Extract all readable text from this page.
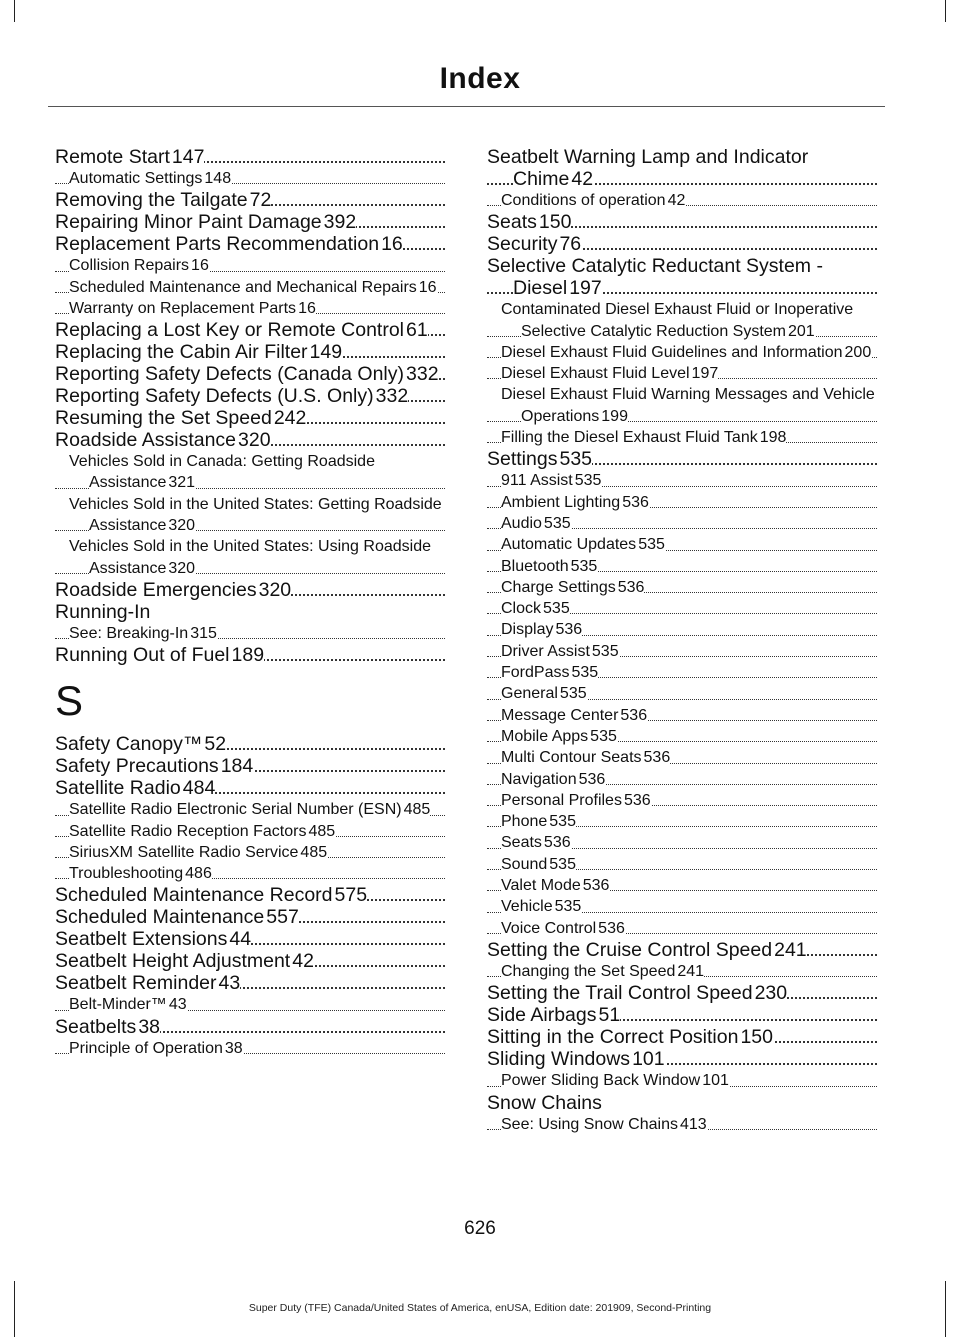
Index
Remote Start 147
Automatic Settings 148
Removing the Tailgate 72
Repairing Minor Paint Damage 392
Replacement Parts Recommendation 16
Collision Repairs 16
Scheduled Maintenance and Mechanical Repairs 16
Warranty on Replacement Parts 16
Replacing a Lost Key or Remote Control 61
Replacing the Cabin Air Filter 149
Reporting Safety Defects (Canada Only) 332
Reporting Safety Defects (U.S. Only) 332
Resuming the Set Speed 242
Roadside Assistance 320
Vehicles Sold in Canada: Getting Roadside Assistance 321
Vehicles Sold in the United States: Getting Roadside Assistance 320
Vehicles Sold in the United States: Using Roadside Assistance 320
Roadside Emergencies 320
Running-In
See: Breaking-In 315
Running Out of Fuel 189
S
Safety Canopy™ 52
Safety Precautions 184
Satellite Radio 484
Satellite Radio Electronic Serial Number (ESN) 485
Satellite Radio Reception Factors 485
SiriusXM Satellite Radio Service 485
Troubleshooting 486
Scheduled Maintenance Record 575
Scheduled Maintenance 557
Seatbelt Extensions 44
Seatbelt Height Adjustment 42
Seatbelt Reminder 43
Belt-Minder™ 43
Seatbelts 38
Principle of Operation 38
Seatbelt Warning Lamp and Indicator Chime 42
Conditions of operation 42
Seats 150
Security 76
Selective Catalytic Reductant System - Diesel 197
Contaminated Diesel Exhaust Fluid or Inoperative Selective Catalytic Reduction System 201
Diesel Exhaust Fluid Guidelines and Information 200
Diesel Exhaust Fluid Level 197
Diesel Exhaust Fluid Warning Messages and Vehicle Operations 199
Filling the Diesel Exhaust Fluid Tank 198
Settings 535
911 Assist 535
Ambient Lighting 536
Audio 535
Automatic Updates 535
Bluetooth 535
Charge Settings 536
Clock 535
Display 536
Driver Assist 535
FordPass 535
General 535
Message Center 536
Mobile Apps 535
Multi Contour Seats 536
Navigation 536
Personal Profiles 536
Phone 535
Seats 536
Sound 535
Valet Mode 536
Vehicle 535
Voice Control 536
Setting the Cruise Control Speed 241
Changing the Set Speed 241
Setting the Trail Control Speed 230
Side Airbags 51
Sitting in the Correct Position 150
Sliding Windows 101
Power Sliding Back Window 101
Snow Chains
See: Using Snow Chains 413
626
Super Duty (TFE) Canada/United States of America, enUSA, Edition date: 201909, Second-Printing
